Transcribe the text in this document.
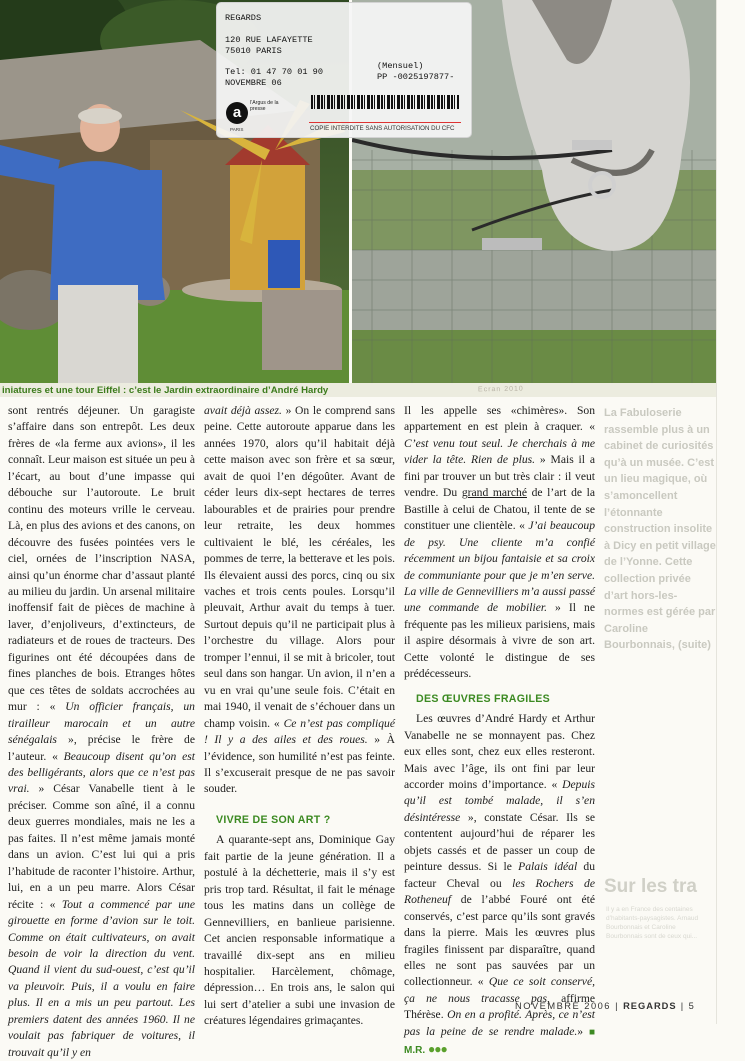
REGARDS
120 RUE LAFAYETTE
75010 PARIS
Tel: 01 47 70 01 90
NOVEMBRE 06
(Mensuel)
PP -0025197877-
a
l’Argus de la presse
PARIS	COPIE INTERDITE SANS AUTORISATION DU CFC
iniatures et une tour Eiffel : c’est le Jardin extraordinaire d’André Hardy	Ecran 2010

sont rentrés déjeuner. Un garagiste s’affaire dans son entrepôt. Les deux frères de «la ferme aux avions», il les connaît. Leur maison est située un peu à l’écart, au bout d’une impasse qui débouche sur l’autoroute. Le bruit continu des moteurs vrille le cerveau. Là, en plus des avions et des canons, on découvre des fusées pointées vers le ciel, ornées de l’inscription NASA, ainsi qu’un énorme char d’assaut planté au milieu du jardin. Un arsenal militaire inoffensif fait de pièces de machine à laver, d’enjoliveurs, d’extincteurs, de radiateurs et de roues de tracteurs. Des figurines ont été découpées dans de fines planches de bois. Etranges hôtes que ces têtes de soldats accrochées au mur : « Un officier français, un tirailleur marocain et un autre sénégalais », précise le frère de l’auteur. « Beaucoup disent qu’on est des belligérants, alors que ce n’est pas vrai. » César Vanabelle tient à le préciser. Comme son aîné, il a connu deux guerres mondiales, mais ne les a pas faites. Il n’est même jamais monté dans un avion. C’est lui qui a pris l’habitude de raconter l’histoire. Arthur, lui, en a un peu marre. Alors César récite : « Tout a commencé par une girouette en forme d’avion sur le toit. Comme on était cultivateurs, on avait besoin de voir la direction du vent. Quand il vient du sud-ouest, c’est qu’il va pleuvoir. Puis, il a voulu en faire plus. Il en a mis un peu partout. Les premiers datent des années 1960. Il ne voulait pas fabriquer de voitures, il trouvait qu’il y en

avait déjà assez. » On le comprend sans peine. Cette autoroute apparue dans les années 1970, alors qu’il habitait déjà cette maison avec son frère et sa sœur, avait de quoi l’en dégoûter. Avant de céder leurs dix-sept hectares de terres labourables et de prairies pour prendre leur retraite, les deux hommes cultivaient le blé, les céréales, les pommes de terre, la betterave et les pois. Ils élevaient aussi des porcs, cinq ou six vaches et trois cents poules. Lorsqu’il pleuvait, Arthur avait du temps à tuer. Surtout depuis qu’il ne participait plus à l’orchestre du village. Alors pour tromper l’ennui, il se mit à bricoler, tout seul dans son hangar. Un avion, il n’en a vu en vrai qu’une seule fois. C’était en mai 1940, il venait de s’échouer dans un champ voisin. « Ce n’est pas compliqué ! Il y a des ailes et des roues. » À l’évidence, son humilité n’est pas feinte. Il s’excuserait presque de ne pas savoir souder.

VIVRE DE SON ART ?

A quarante-sept ans, Dominique Gay fait partie de la jeune génération. Il a postulé à la déchetterie, mais il s’y est pris trop tard. Résultat, il fait le ménage tous les matins dans un collège de Gennevilliers, en banlieue parisienne. Cet ancien responsable informatique a travaillé dix-sept ans en milieu hospitalier. Harcèlement, chômage, dépression… En trois ans, le salon qui lui sert d’atelier a subi une invasion de créatures légendaires grimaçantes.

Il les appelle ses «chimères». Son appartement en est plein à craquer. « C’est venu tout seul. Je cherchais à me vider la tête. Rien de plus. » Mais il a fini par trouver un but très clair : il veut vendre. Du grand marché de l’art de la Bastille à celui de Chatou, il tente de se constituer une clientèle. « J’ai beaucoup de psy. Une cliente m’a confié récemment un bijou fantaisie et sa croix de communiante pour que je m’en serve. La ville de Gennevilliers m’a aussi passé une commande de mobilier. » Il ne fréquente pas les milieux parisiens, mais il aspire désormais à vivre de son art. Cette volonté le distingue de ses prédécesseurs.

DES ŒUVRES FRAGILES

Les œuvres d’André Hardy et Arthur Vanabelle ne se monnayent pas. Chez eux elles sont, chez eux elles resteront. Mais avec l’âge, ils ont fini par leur accorder moins d’importance. « Depuis qu’il est tombé malade, il s’en désintéresse », constate César. Ils se contentent aujourd’hui de réparer les objets cassés et de passer un coup de peinture dessus. Si le Palais idéal du facteur Cheval ou les Rochers de Rotheneuf de l’abbé Fouré ont été conservés, c’est parce qu’ils sont gravés dans la pierre. Mais les œuvres plus fragiles finissent par disparaître, quand elles ne sont pas sauvées par un collectionneur. « Que ce soit conservé, ça ne nous tracasse pas, affirme Thérèse. On en a profité. Après, ce n’est pas la peine de se rendre malade.» ■ M.R. ●●●

La Fabuloserie rassemble plus à un cabinet de curiosités qu’à un musée. C’est un lieu magique, où s’amoncellent l’étonnante construction insolite à Dicy en petit village de l’Yonne. Cette collection privée d’art hors-les-normes est gérée par Caroline Bourbonnais, (suite)
Sur les tra
Il y a en France des centaines d’habitants-paysagistes. Arnaud Bourbonnais et Caroline Bourbonnais sont de ceux qui...
NOVEMBRE 2006 | REGARDS | 5
